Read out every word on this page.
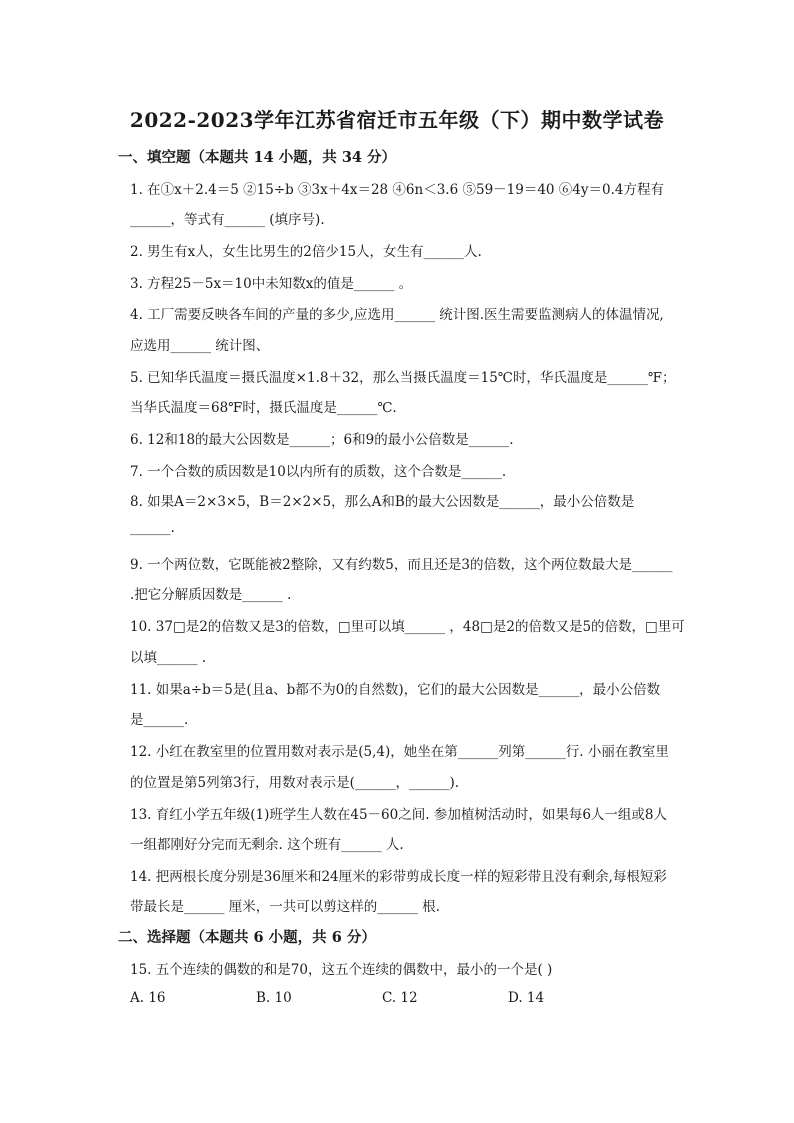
2022-2023学年江苏省宿迁市五年级（下）期中数学试卷
一、填空题（本题共 14 小题，共 34 分）
1. 在①x＋2.4＝5 ②15÷b ③3x＋4x＝28 ④6n＜3.6 ⑤59－19＝40 ⑥4y＝0.4方程有
______，等式有______ (填序号).
2. 男生有x人，女生比男生的2倍少15人，女生有______人.
3. 方程25－5x＝10中未知数x的值是______ 。
4. 工厂需要反映各车间的产量的多少,应选用______ 统计图.医生需要监测病人的体温情况,
应选用______ 统计图、
5. 已知华氏温度＝摄氏温度×1.8＋32，那么当摄氏温度＝15℃时，华氏温度是______℉；
当华氏温度＝68℉时，摄氏温度是______℃.
6. 12和18的最大公因数是______；6和9的最小公倍数是______.
7. 一个合数的质因数是10以内所有的质数，这个合数是______.
8. 如果A＝2×3×5，B＝2×2×5，那么A和B的最大公因数是______，最小公倍数是
______.
9. 一个两位数，它既能被2整除，又有约数5，而且还是3的倍数，这个两位数最大是______
.把它分解质因数是______ .
10. 37□是2的倍数又是3的倍数，□里可以填______ ，48□是2的倍数又是5的倍数，□里可
以填______ .
11. 如果a÷b＝5是(且a、b都不为0的自然数)，它们的最大公因数是______，最小公倍数
是______.
12. 小红在教室里的位置用数对表示是(5,4)，她坐在第______列第______行. 小丽在教室里
的位置是第5列第3行，用数对表示是(______，______).
13. 育红小学五年级(1)班学生人数在45－60之间. 参加植树活动时，如果每6人一组或8人
一组都刚好分完而无剩余. 这个班有______ 人.
14. 把两根长度分别是36厘米和24厘米的彩带剪成长度一样的短彩带且没有剩余,每根短彩
带最长是______ 厘米，一共可以剪这样的______ 根.
二、选择题（本题共 6 小题，共 6 分）
15. 五个连续的偶数的和是70，这五个连续的偶数中，最小的一个是( )
A. 16	B. 10	C. 12	D. 14
